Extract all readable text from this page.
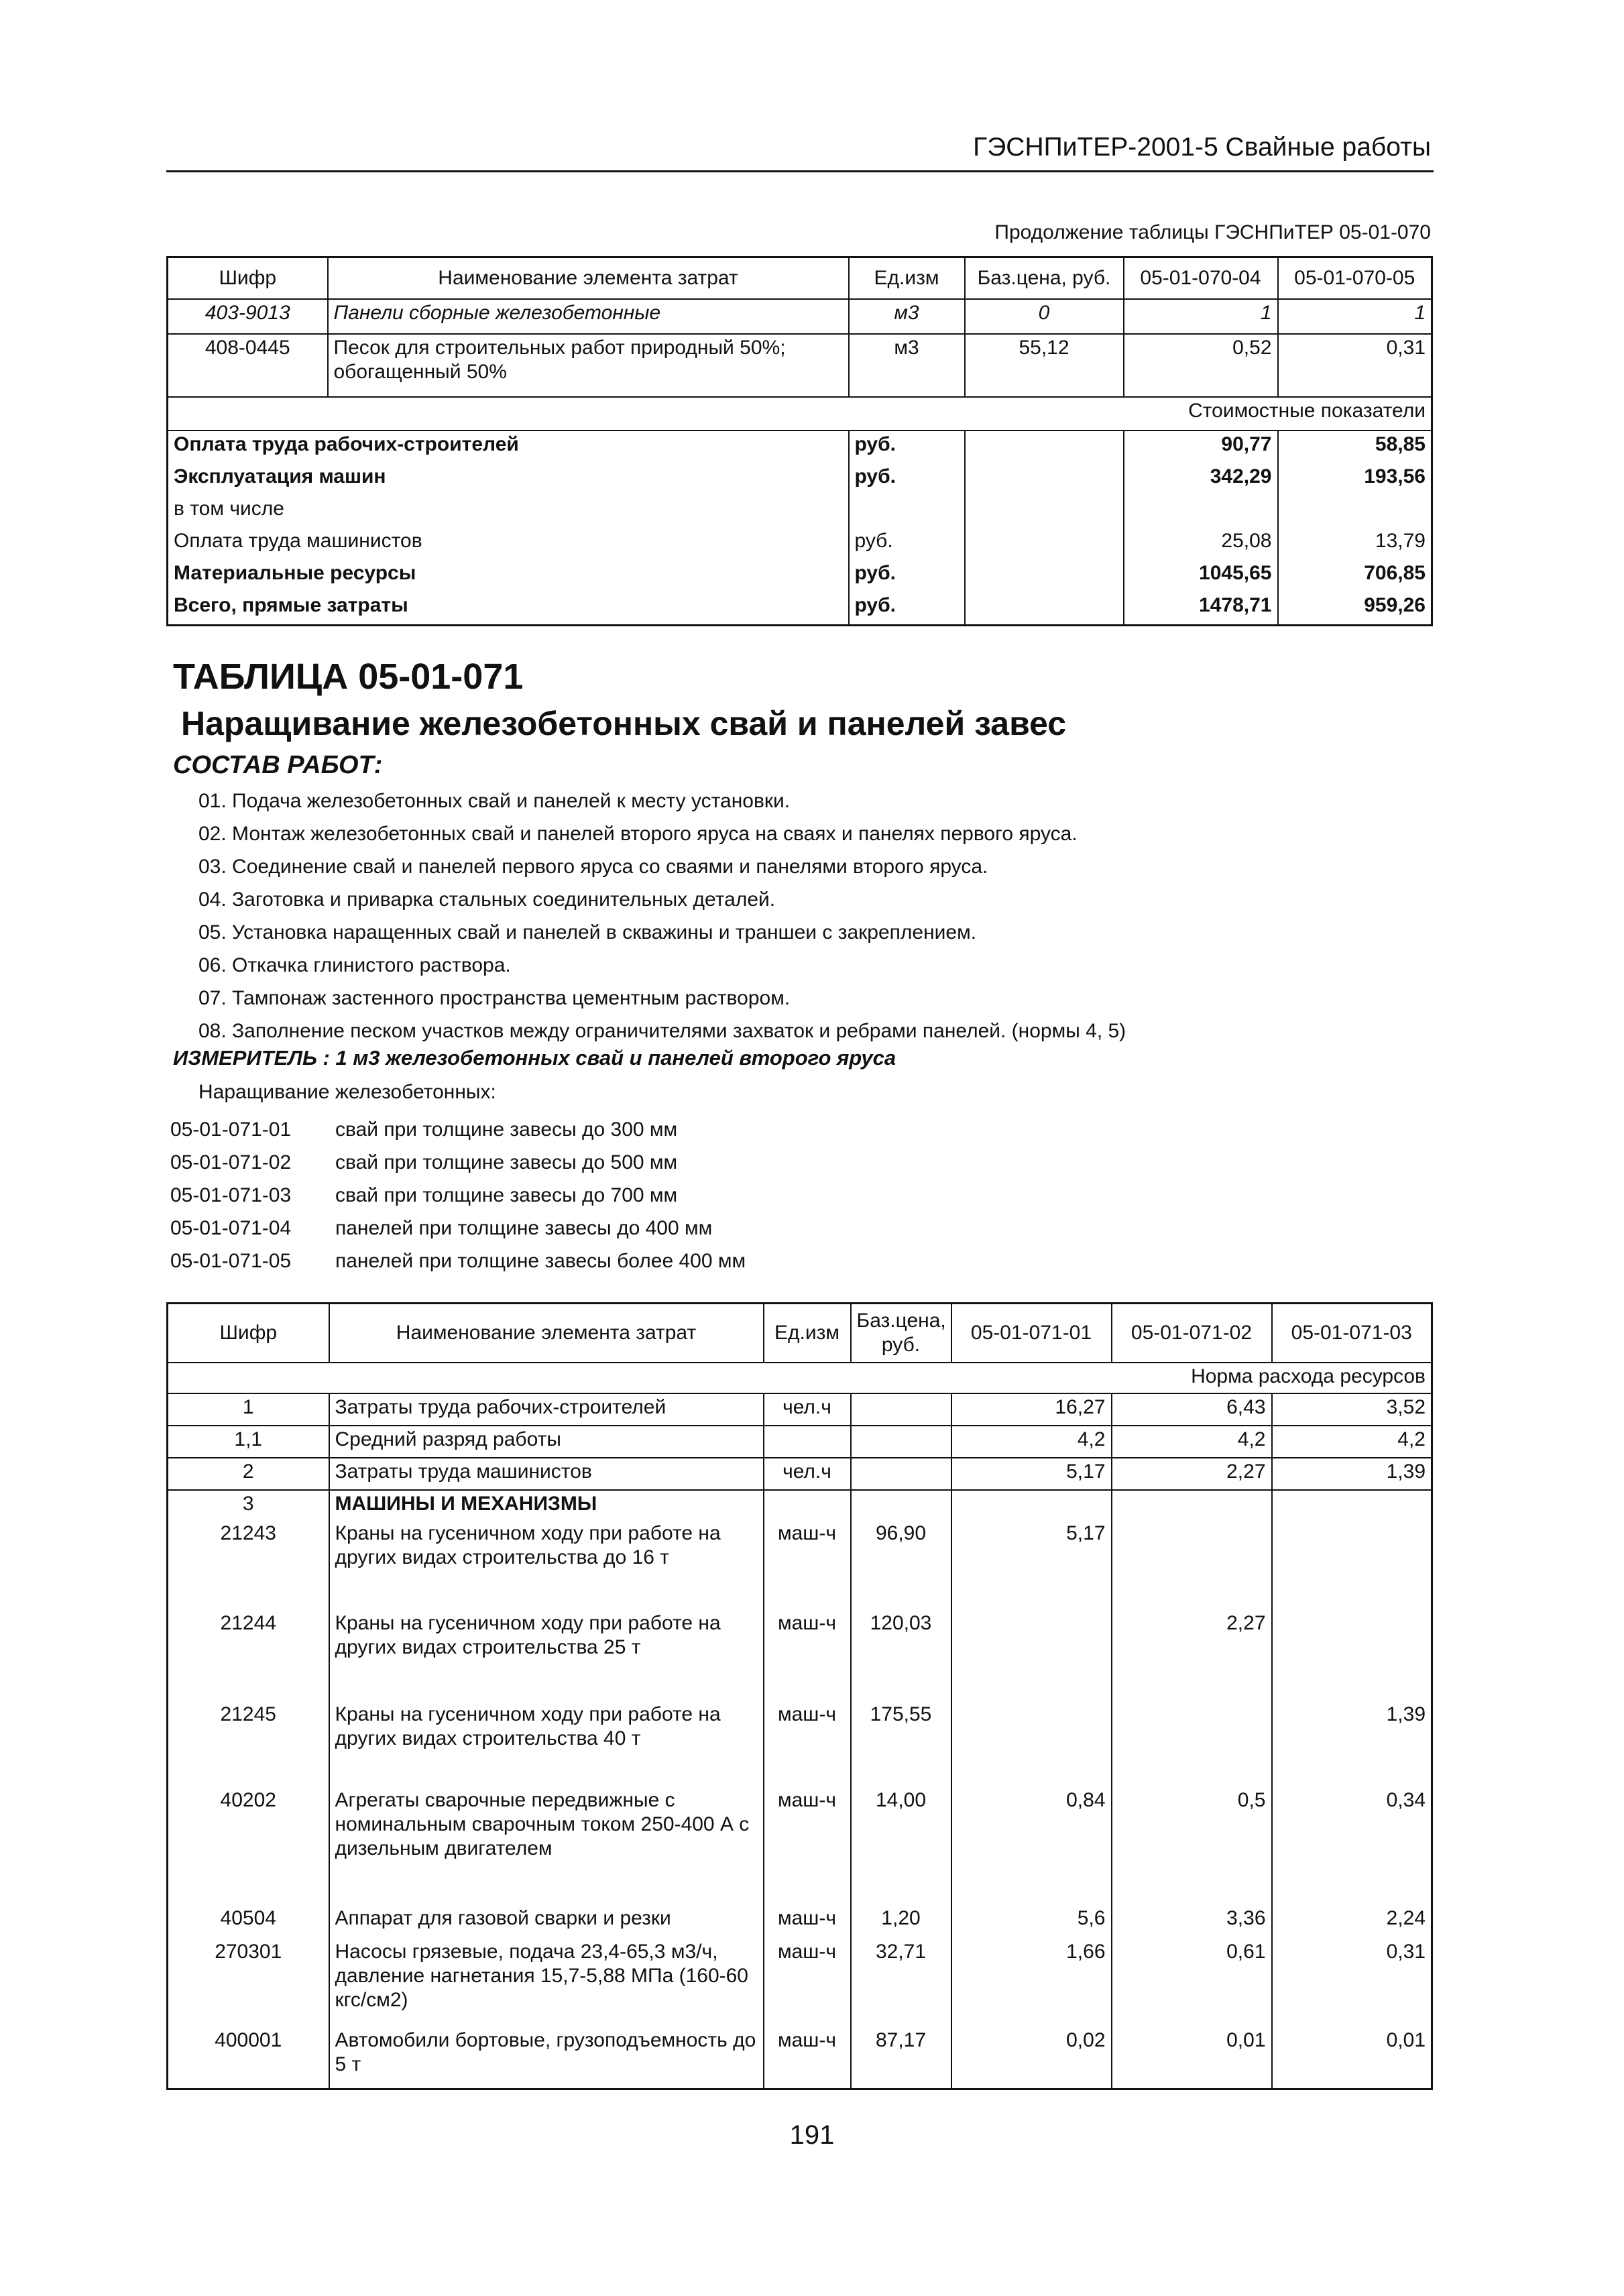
ГЭСНПиТЕР-2001-5 Свайные работы
Продолжение таблицы ГЭСНПиТЕР 05-01-070
Шифр	Наименование элемента затрат	Ед.изм	Баз.цена, руб.	05-01-070-04	05-01-070-05
403-9013	Панели сборные железобетонные	м3	0	1	1
408-0445	Песок для строительных работ природный 50%; обогащенный 50%	м3	55,12	0,52	0,31
Стоимостные показатели					
Оплата труда рабочих-строителей		руб.		90,77	58,85
Эксплуатация машин		руб.		342,29	193,56
в том числе					
Оплата труда машинистов		руб.		25,08	13,79
Материальные ресурсы		руб.		1045,65	706,85
Всего, прямые затраты		руб.		1478,71	959,26
ТАБЛИЦА 05-01-071
Наращивание железобетонных свай и панелей завес
СОСТАВ РАБОТ:
01. Подача железобетонных свай и панелей к месту установки.
02. Монтаж железобетонных свай и панелей второго яруса на сваях и панелях первого яруса.
03. Соединение свай и панелей первого яруса со сваями и панелями второго яруса.
04. Заготовка и приварка стальных соединительных деталей.
05. Установка наращенных свай и панелей в скважины и траншеи с закреплением.
06. Откачка глинистого раствора.
07. Тампонаж застенного пространства цементным раствором.
08. Заполнение песком участков между ограничителями захваток и ребрами панелей. (нормы 4, 5)
ИЗМЕРИТЕЛЬ : 1 м3 железобетонных свай и панелей второго яруса
Наращивание железобетонных:
05-01-071-01 свай при толщине завесы до 300 мм
05-01-071-02 свай при толщине завесы до 500 мм
05-01-071-03 свай при толщине завесы до 700 мм
05-01-071-04 панелей при толщине завесы до 400 мм
05-01-071-05 панелей при толщине завесы более 400 мм
Шифр	Наименование элемента затрат	Ед.изм	Баз.цена, руб.	05-01-071-01	05-01-071-02	05-01-071-03
Норма расхода ресурсов						
1	Затраты труда рабочих-строителей	чел.ч		16,27	6,43	3,52
1,1	Средний разряд работы			4,2	4,2	4,2
2	Затраты труда машинистов	чел.ч		5,17	2,27	1,39
3	МАШИНЫ И МЕХАНИЗМЫ					
21243	Краны на гусеничном ходу при работе на других видах строительства до 16 т	маш-ч	96,90	5,17		
21244	Краны на гусеничном ходу при работе на других видах строительства 25 т	маш-ч	120,03		2,27	
21245	Краны на гусеничном ходу при работе на других видах строительства 40 т	маш-ч	175,55			1,39
40202	Агрегаты сварочные передвижные с номинальным сварочным током 250-400 А с дизельным двигателем	маш-ч	14,00	0,84	0,5	0,34
40504	Аппарат для газовой сварки и резки	маш-ч	1,20	5,6	3,36	2,24
270301	Насосы грязевые, подача 23,4-65,3 м3/ч, давление нагнетания 15,7-5,88 МПа (160-60 кгс/см2)	маш-ч	32,71	1,66	0,61	0,31
400001	Автомобили бортовые, грузоподъемность до 5 т	маш-ч	87,17	0,02	0,01	0,01
191
